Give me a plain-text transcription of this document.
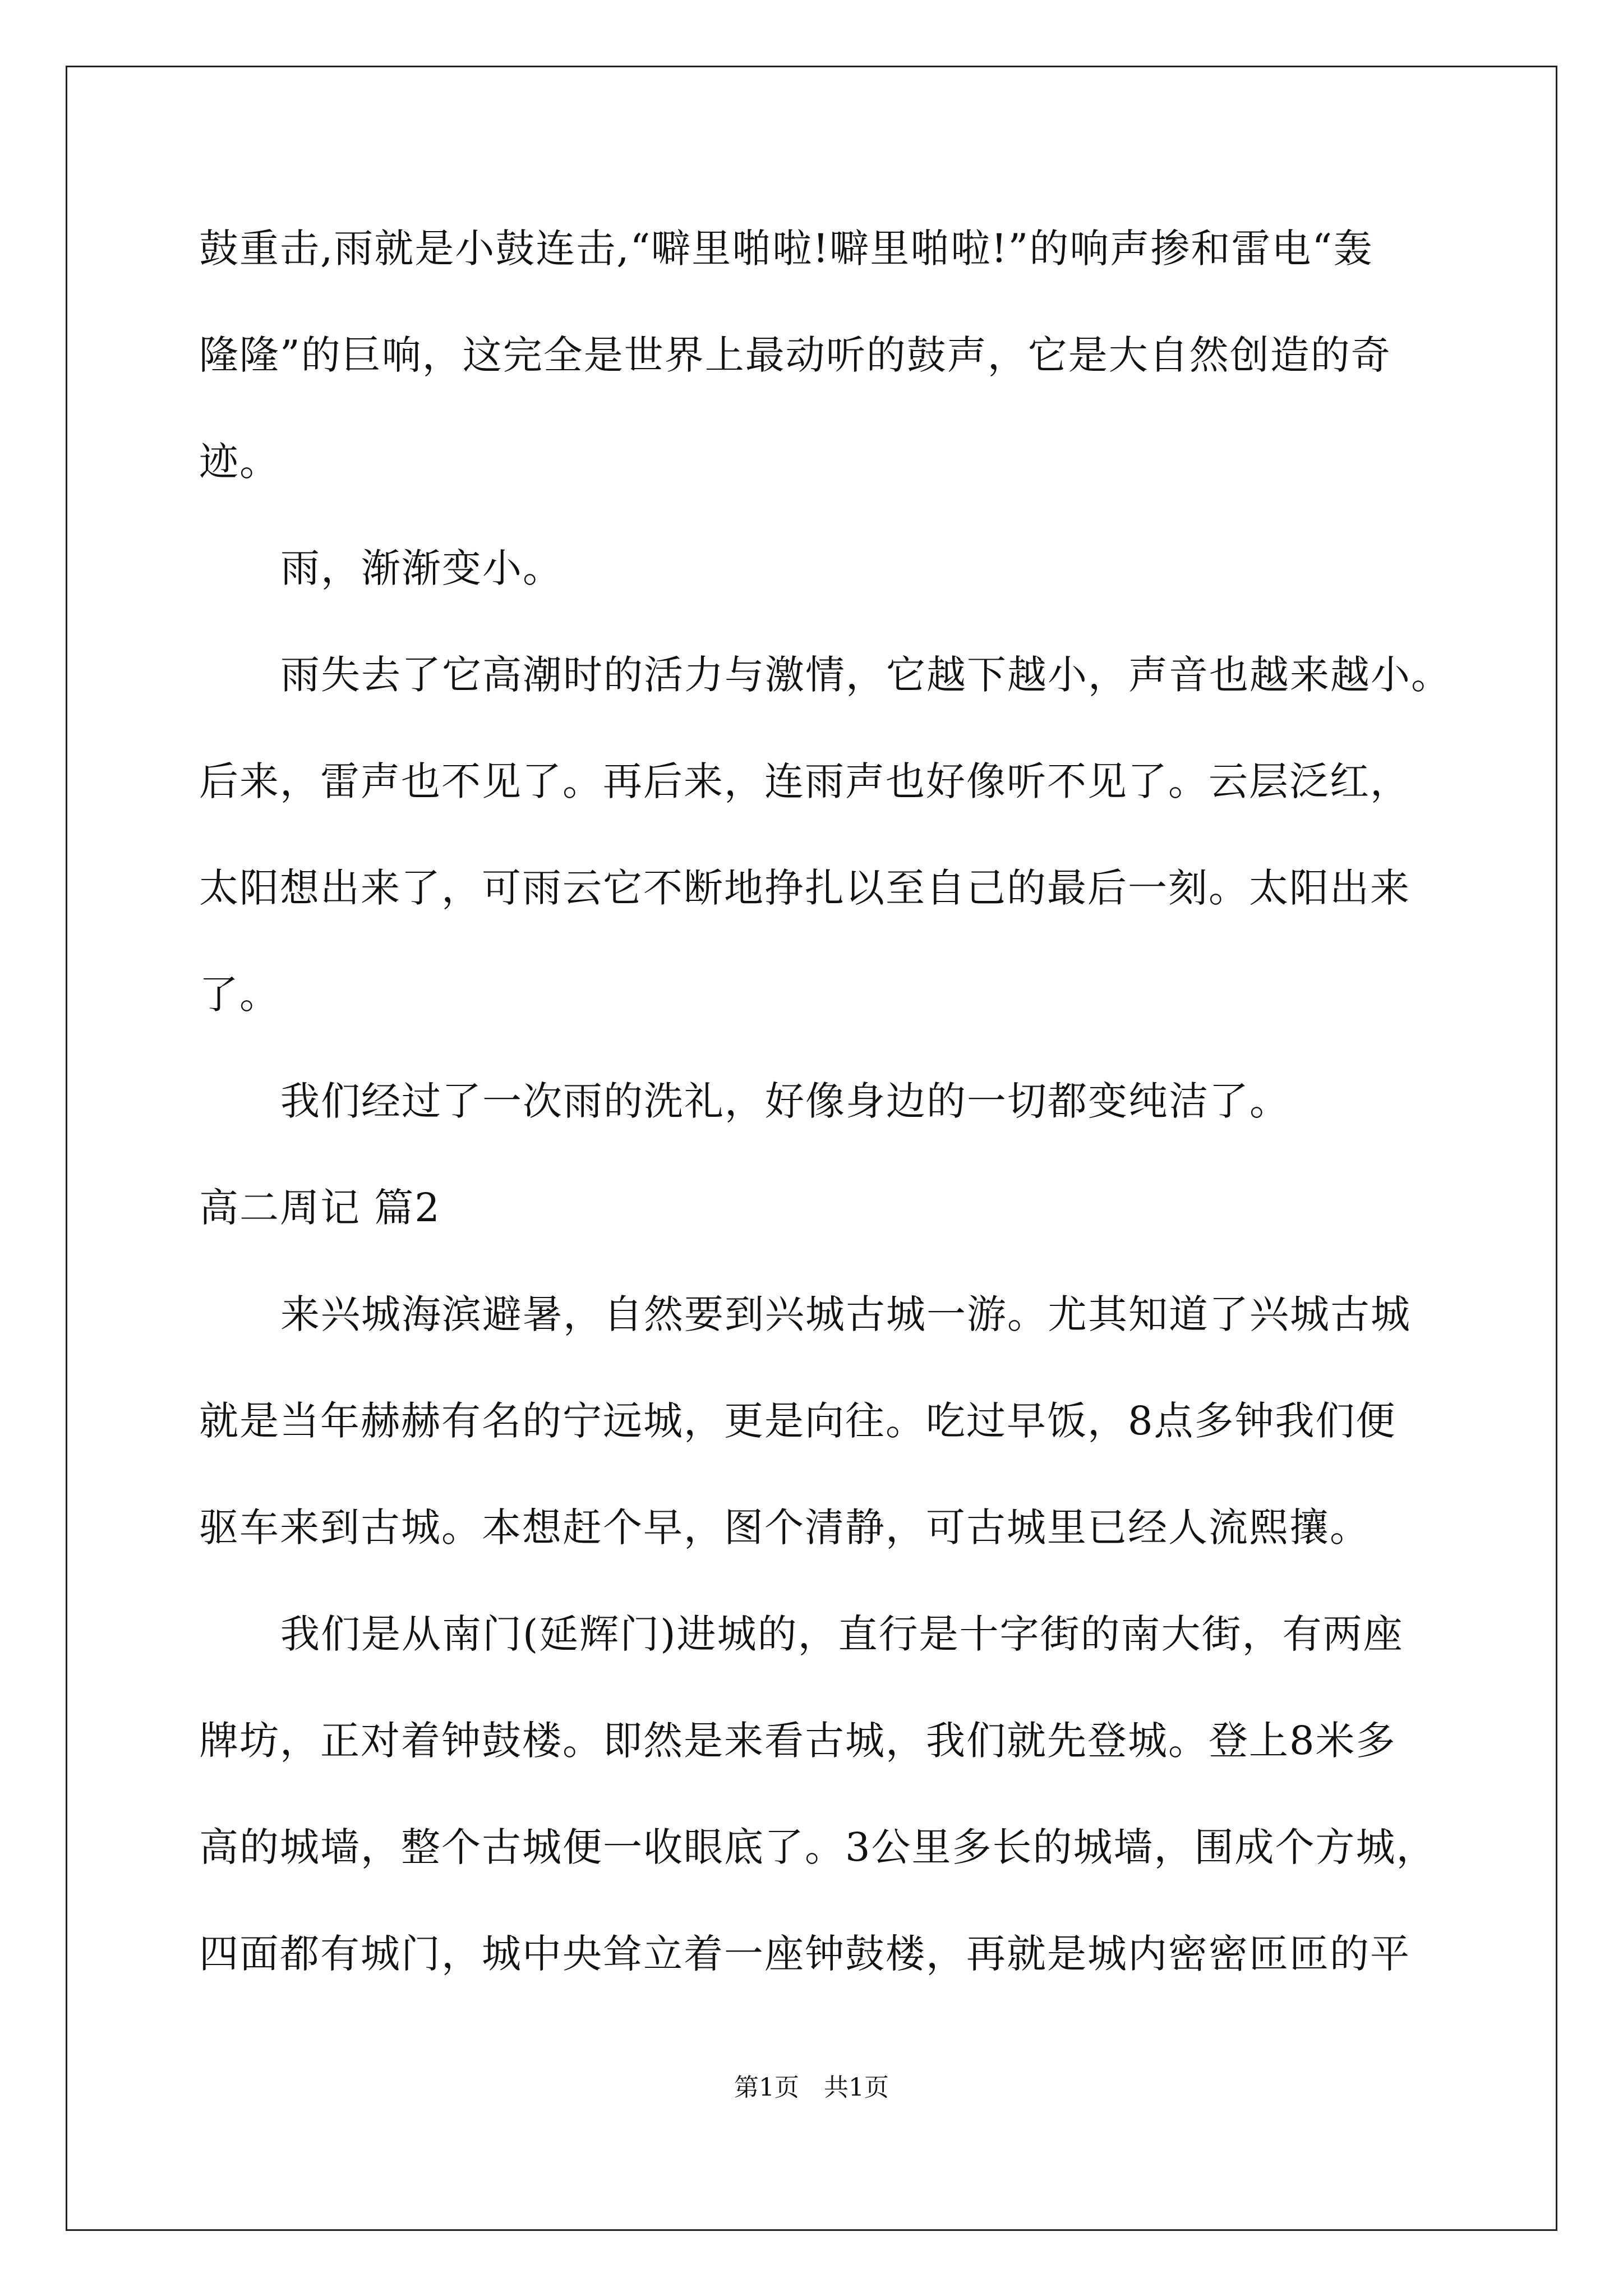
鼓重击,雨就是小鼓连击,“噼里啪啦!噼里啪啦!”的响声掺和雷电“轰

隆隆”的巨响，这完全是世界上最动听的鼓声，它是大自然创造的奇

迹。

雨，渐渐变小。

雨失去了它高潮时的活力与激情，它越下越小，声音也越来越小。

后来，雷声也不见了。再后来，连雨声也好像听不见了。云层泛红，

太阳想出来了，可雨云它不断地挣扎以至自己的最后一刻。太阳出来

了。

我们经过了一次雨的洗礼，好像身边的一切都变纯洁了。

高二周记 篇2

来兴城海滨避暑，自然要到兴城古城一游。尤其知道了兴城古城

就是当年赫赫有名的宁远城，更是向往。吃过早饭，8点多钟我们便

驱车来到古城。本想赶个早，图个清静，可古城里已经人流熙攘。

我们是从南门(延辉门)进城的，直行是十字街的南大街，有两座

牌坊，正对着钟鼓楼。即然是来看古城，我们就先登城。登上8米多

高的城墙，整个古城便一收眼底了。3公里多长的城墙，围成个方城，

四面都有城门，城中央耸立着一座钟鼓楼，再就是城内密密匝匝的平

第1页　共1页
